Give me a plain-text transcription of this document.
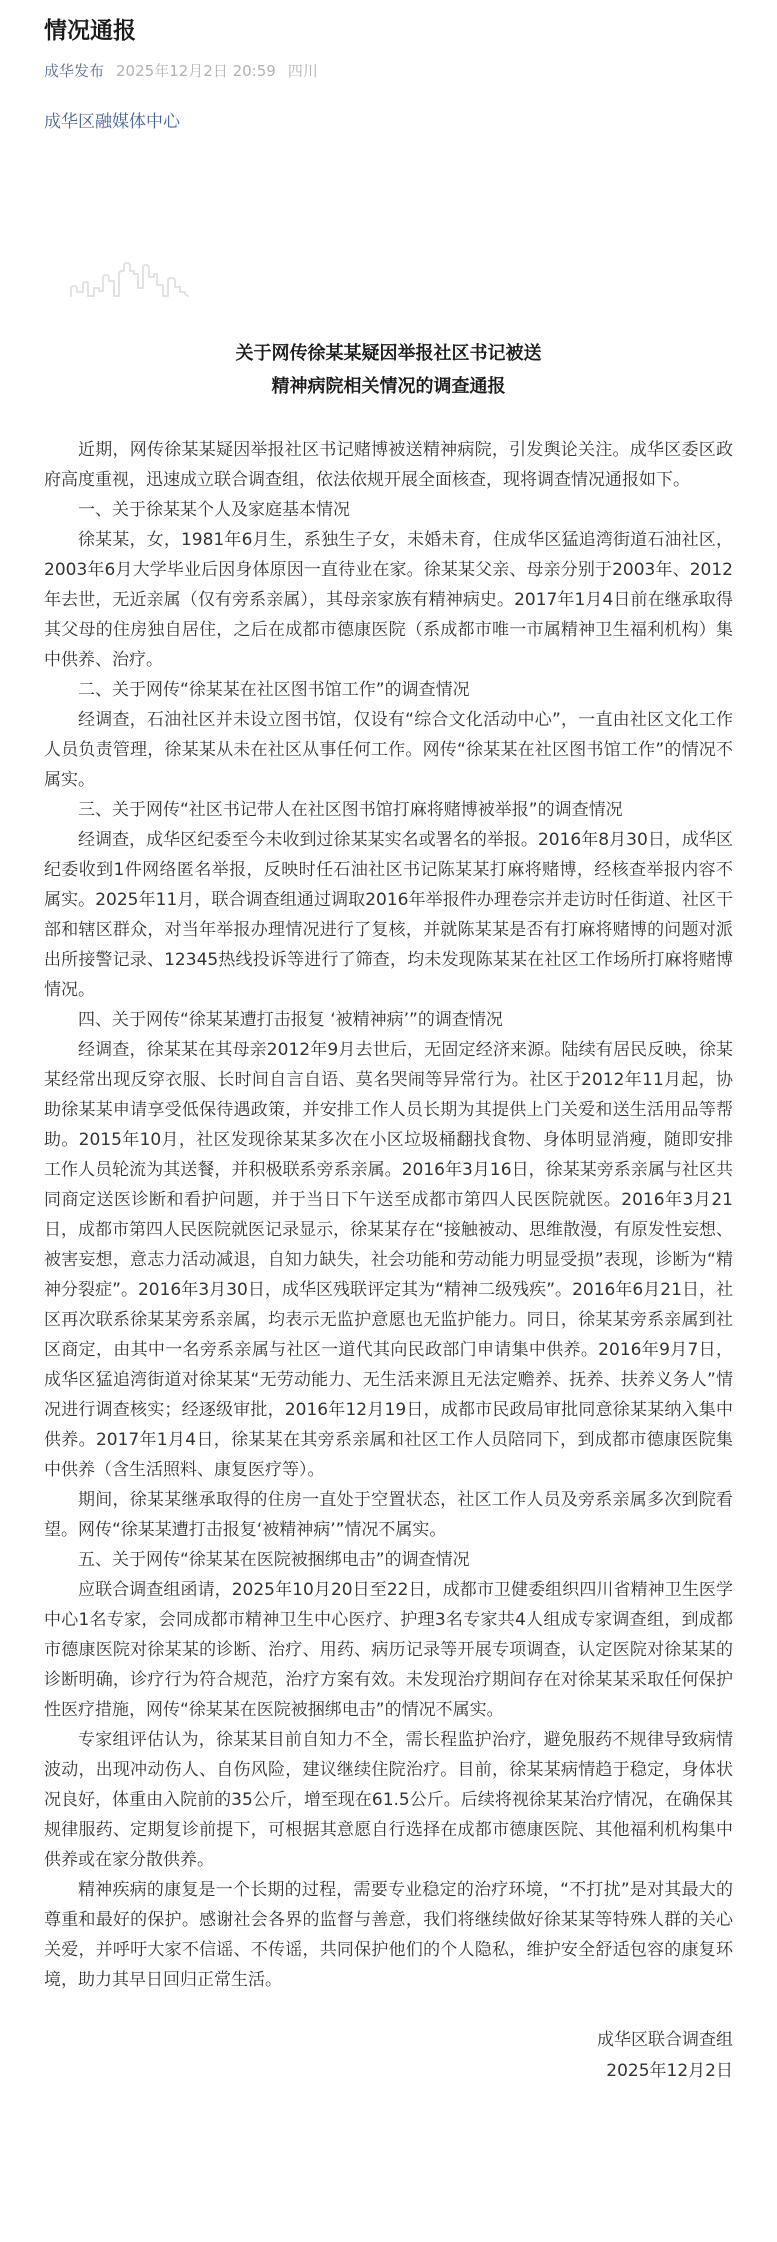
情况通报
成华发布 2025年12月2日 20:59 四川
成华区融媒体中心
关于网传徐某某疑因举报社区书记被送
精神病院相关情况的调查通报

近期，网传徐某某疑因举报社区书记赌博被送精神病院，引发舆论关注。成华区委区政府高度重视，迅速成立联合调查组，依法依规开展全面核查，现将调查情况通报如下。

一、关于徐某某个人及家庭基本情况

徐某某，女，1981年6月生，系独生子女，未婚未育，住成华区猛追湾街道石油社区，2003年6月大学毕业后因身体原因一直待业在家。徐某某父亲、母亲分别于2003年、2012年去世，无近亲属（仅有旁系亲属），其母亲家族有精神病史。2017年1月4日前在继承取得其父母的住房独自居住，之后在成都市德康医院（系成都市唯一市属精神卫生福利机构）集中供养、治疗。

二、关于网传“徐某某在社区图书馆工作”的调查情况

经调查，石油社区并未设立图书馆，仅设有“综合文化活动中心”，一直由社区文化工作人员负责管理，徐某某从未在社区从事任何工作。网传“徐某某在社区图书馆工作”的情况不属实。

三、关于网传“社区书记带人在社区图书馆打麻将赌博被举报”的调查情况

经调查，成华区纪委至今未收到过徐某某实名或署名的举报。2016年8月30日，成华区纪委收到1件网络匿名举报，反映时任石油社区书记陈某某打麻将赌博，经核查举报内容不属实。2025年11月，联合调查组通过调取2016年举报件办理卷宗并走访时任街道、社区干部和辖区群众，对当年举报办理情况进行了复核，并就陈某某是否有打麻将赌博的问题对派出所接警记录、12345热线投诉等进行了筛查，均未发现陈某某在社区工作场所打麻将赌博情况。

四、关于网传“徐某某遭打击报复 ‘被精神病’”的调查情况

经调查，徐某某在其母亲2012年9月去世后，无固定经济来源。陆续有居民反映，徐某某经常出现反穿衣服、长时间自言自语、莫名哭闹等异常行为。社区于2012年11月起，协助徐某某申请享受低保待遇政策，并安排工作人员长期为其提供上门关爱和送生活用品等帮助。2015年10月，社区发现徐某某多次在小区垃圾桶翻找食物、身体明显消瘦，随即安排工作人员轮流为其送餐，并积极联系旁系亲属。2016年3月16日，徐某某旁系亲属与社区共同商定送医诊断和看护问题，并于当日下午送至成都市第四人民医院就医。2016年3月21日，成都市第四人民医院就医记录显示，徐某某存在“接触被动、思维散漫，有原发性妄想、被害妄想，意志力活动减退，自知力缺失，社会功能和劳动能力明显受损”表现，诊断为“精神分裂症”。2016年3月30日，成华区残联评定其为“精神二级残疾”。2016年6月21日，社区再次联系徐某某旁系亲属，均表示无监护意愿也无监护能力。同日，徐某某旁系亲属到社区商定，由其中一名旁系亲属与社区一道代其向民政部门申请集中供养。2016年9月7日，成华区猛追湾街道对徐某某“无劳动能力、无生活来源且无法定赡养、抚养、扶养义务人”情况进行调查核实；经逐级审批，2016年12月19日，成都市民政局审批同意徐某某纳入集中供养。2017年1月4日，徐某某在其旁系亲属和社区工作人员陪同下，到成都市德康医院集中供养（含生活照料、康复医疗等）。

期间，徐某某继承取得的住房一直处于空置状态，社区工作人员及旁系亲属多次到院看望。网传“徐某某遭打击报复‘被精神病’”情况不属实。

五、关于网传“徐某某在医院被捆绑电击”的调查情况

应联合调查组函请，2025年10月20日至22日，成都市卫健委组织四川省精神卫生医学中心1名专家，会同成都市精神卫生中心医疗、护理3名专家共4人组成专家调查组，到成都市德康医院对徐某某的诊断、治疗、用药、病历记录等开展专项调查，认定医院对徐某某的诊断明确，诊疗行为符合规范，治疗方案有效。未发现治疗期间存在对徐某某采取任何保护性医疗措施，网传“徐某某在医院被捆绑电击”的情况不属实。

专家组评估认为，徐某某目前自知力不全，需长程监护治疗，避免服药不规律导致病情波动，出现冲动伤人、自伤风险，建议继续住院治疗。目前，徐某某病情趋于稳定，身体状况良好，体重由入院前的35公斤，增至现在61.5公斤。后续将视徐某某治疗情况，在确保其规律服药、定期复诊前提下，可根据其意愿自行选择在成都市德康医院、其他福利机构集中供养或在家分散供养。

精神疾病的康复是一个长期的过程，需要专业稳定的治疗环境，“不打扰”是对其最大的尊重和最好的保护。感谢社会各界的监督与善意，我们将继续做好徐某某等特殊人群的关心关爱，并呼吁大家不信谣、不传谣，共同保护他们的个人隐私，维护安全舒适包容的康复环境，助力其早日回归正常生活。

成华区联合调查组
2025年12月2日
